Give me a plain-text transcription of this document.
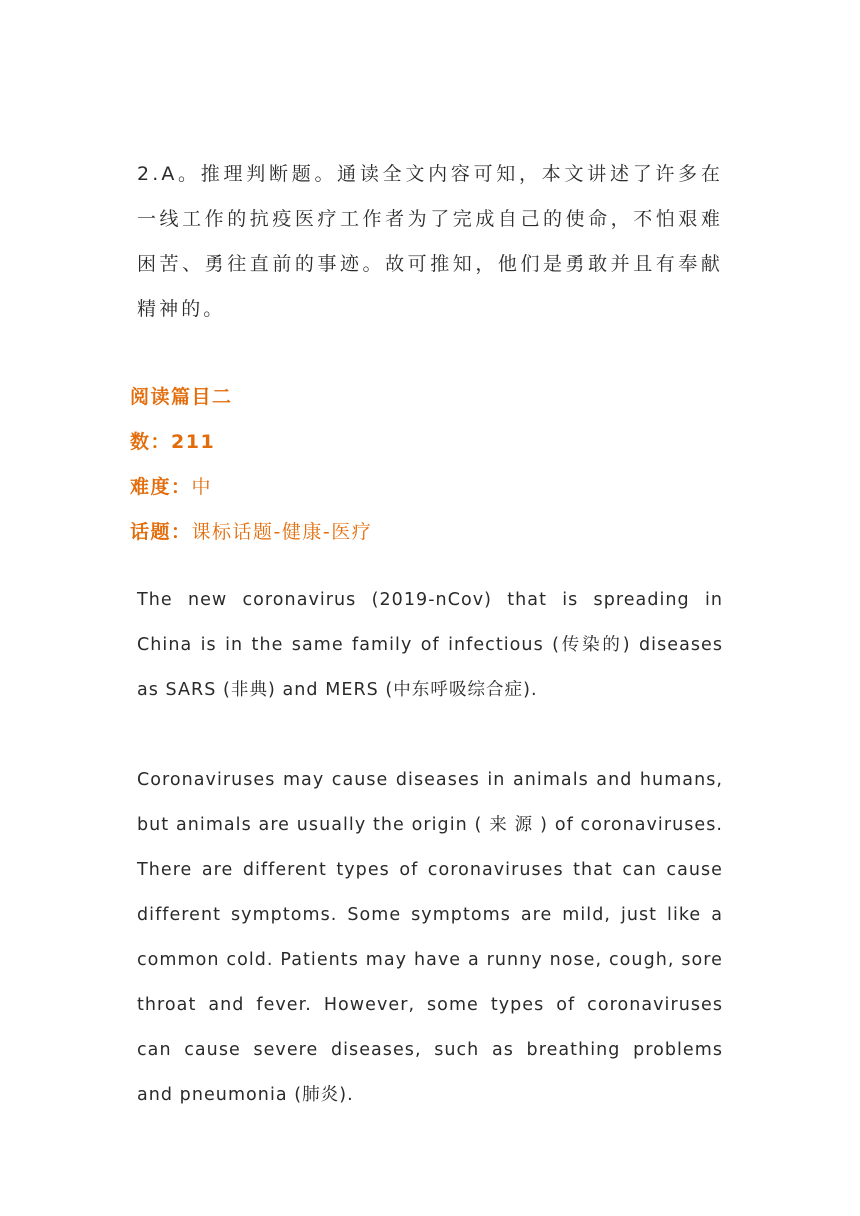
2.A。推理判断题。通读全文内容可知，本文讲述了许多在一线工作的抗疫医疗工作者为了完成自己的使命，不怕艰难困苦、勇往直前的事迹。故可推知，他们是勇敢并且有奉献精神的。

阅读篇目二
数：211
难度：中
话题：课标话题-健康-医疗

The new coronavirus (2019-nCov) that is spreading in China is in the same family of infectious (传染的) diseases as SARS (非典) and MERS (中东呼吸综合症).

Coronaviruses may cause diseases in animals and humans, but animals are usually the origin ( 来 源 ) of coronaviruses. There are different types of coronaviruses that can cause different symptoms. Some symptoms are mild, just like a common cold. Patients may have a runny nose, cough, sore throat and fever. However, some types of coronaviruses can cause severe diseases, such as breathing problems and pneumonia (肺炎).
